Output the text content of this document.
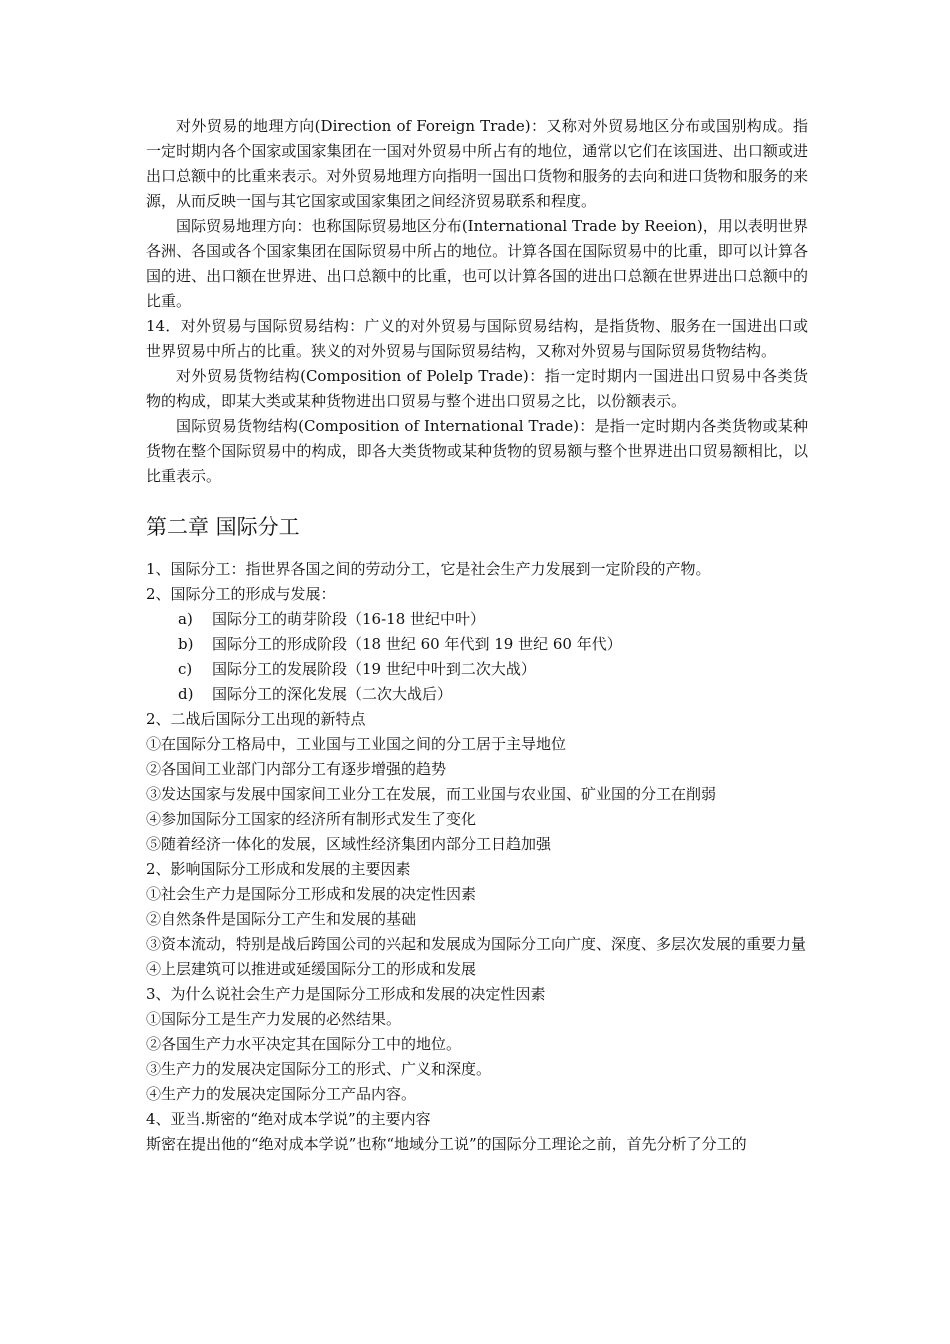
对外贸易的地理方向(Direction of Foreign Trade)：又称对外贸易地区分布或国别构成。指一定时期内各个国家或国家集团在一国对外贸易中所占有的地位，通常以它们在该国进、出口额或进出口总额中的比重来表示。对外贸易地理方向指明一国出口货物和服务的去向和进口货物和服务的来源，从而反映一国与其它国家或国家集团之间经济贸易联系和程度。

国际贸易地理方向：也称国际贸易地区分布(International Trade by Reeion)，用以表明世界各洲、各国或各个国家集团在国际贸易中所占的地位。计算各国在国际贸易中的比重，即可以计算各国的进、出口额在世界进、出口总额中的比重，也可以计算各国的进出口总额在世界进出口总额中的比重。

14．对外贸易与国际贸易结构：广义的对外贸易与国际贸易结构，是指货物、服务在一国进出口或世界贸易中所占的比重。狭义的对外贸易与国际贸易结构，又称对外贸易与国际贸易货物结构。

对外贸易货物结构(Composition of Polelp Trade)：指一定时期内一国进出口贸易中各类货物的构成，即某大类或某种货物进出口贸易与整个进出口贸易之比，以份额表示。

国际贸易货物结构(Composition of International Trade)：是指一定时期内各类货物或某种货物在整个国际贸易中的构成，即各大类货物或某种货物的贸易额与整个世界进出口贸易额相比，以比重表示。

第二章 国际分工

1、国际分工：指世界各国之间的劳动分工，它是社会生产力发展到一定阶段的产物。

2、国际分工的形成与发展：

a) 国际分工的萌芽阶段（16-18 世纪中叶）

b) 国际分工的形成阶段（18 世纪 60 年代到 19 世纪 60 年代）

c) 国际分工的发展阶段（19 世纪中叶到二次大战）

d) 国际分工的深化发展（二次大战后）

2、二战后国际分工出现的新特点

①在国际分工格局中，工业国与工业国之间的分工居于主导地位

②各国间工业部门内部分工有逐步增强的趋势

③发达国家与发展中国家间工业分工在发展，而工业国与农业国、矿业国的分工在削弱

④参加国际分工国家的经济所有制形式发生了变化

⑤随着经济一体化的发展，区域性经济集团内部分工日趋加强

2、影响国际分工形成和发展的主要因素

①社会生产力是国际分工形成和发展的决定性因素

②自然条件是国际分工产生和发展的基础

③资本流动，特别是战后跨国公司的兴起和发展成为国际分工向广度、深度、多层次发展的重要力量

④上层建筑可以推进或延缓国际分工的形成和发展

3、为什么说社会生产力是国际分工形成和发展的决定性因素

①国际分工是生产力发展的必然结果。

②各国生产力水平决定其在国际分工中的地位。

③生产力的发展决定国际分工的形式、广义和深度。

④生产力的发展决定国际分工产品内容。

4、亚当.斯密的“绝对成本学说”的主要内容

斯密在提出他的“绝对成本学说”也称“地域分工说”的国际分工理论之前，首先分析了分工的
